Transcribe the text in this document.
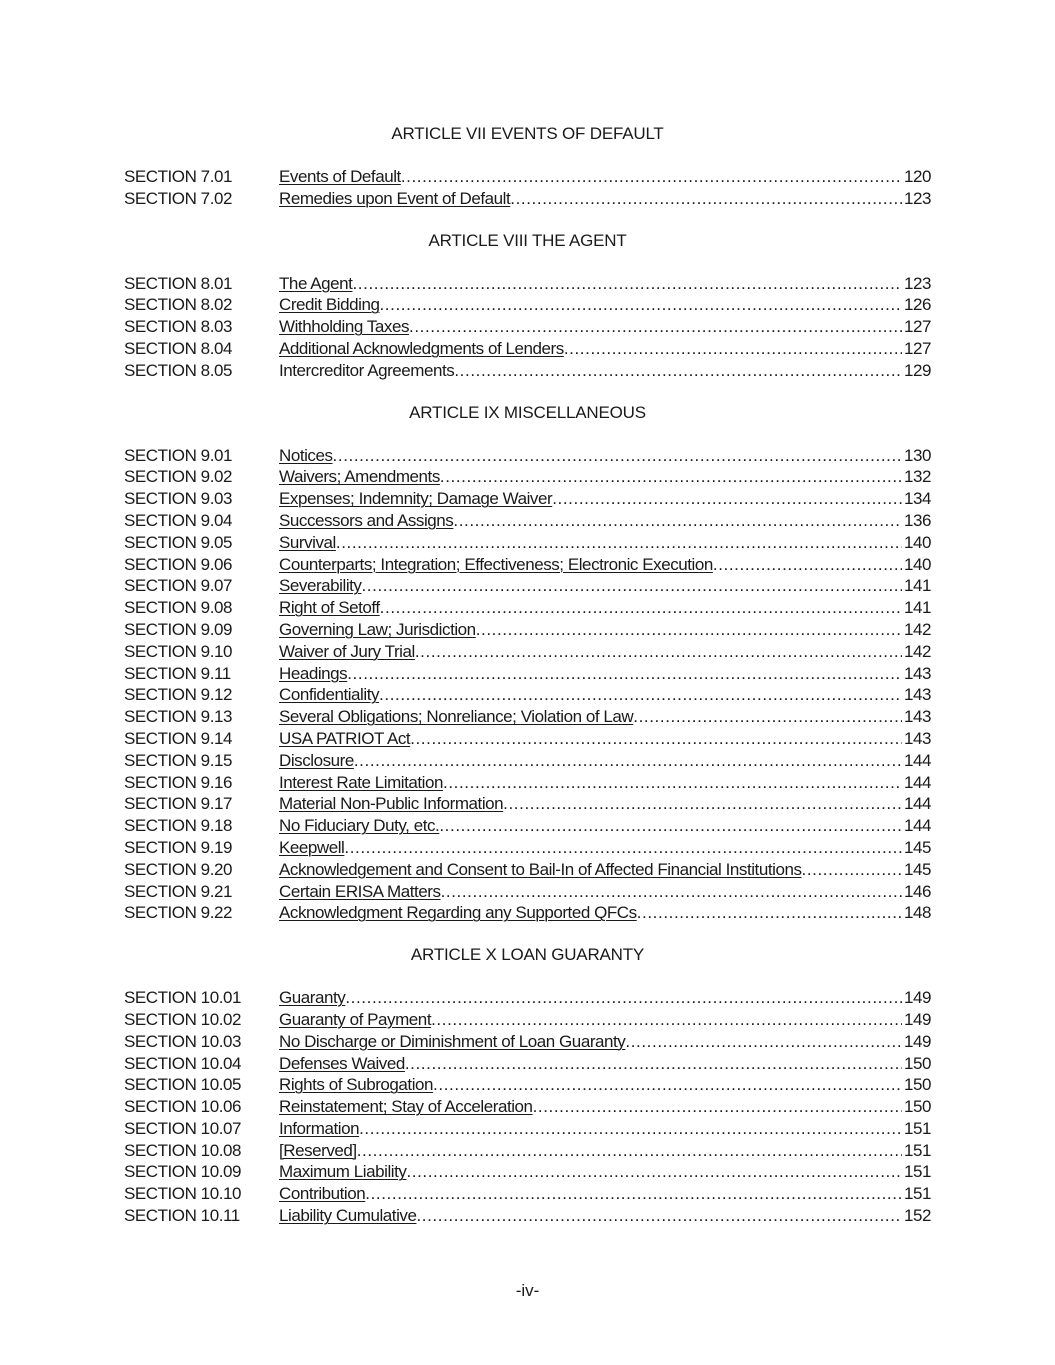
ARTICLE VII EVENTS OF DEFAULT
SECTION 7.01	Events of Default .....	120
SECTION 7.02	Remedies upon Event of Default .....	123
ARTICLE VIII THE AGENT
SECTION 8.01	The Agent .....	123
SECTION 8.02	Credit Bidding .....	126
SECTION 8.03	Withholding Taxes .....	127
SECTION 8.04	Additional Acknowledgments of Lenders .....	127
SECTION 8.05	Intercreditor Agreements .....	129
ARTICLE IX MISCELLANEOUS
SECTION 9.01	Notices .....	130
SECTION 9.02	Waivers; Amendments .....	132
SECTION 9.03	Expenses; Indemnity; Damage Waiver .....	134
SECTION 9.04	Successors and Assigns .....	136
SECTION 9.05	Survival .....	140
SECTION 9.06	Counterparts; Integration; Effectiveness; Electronic Execution .....	140
SECTION 9.07	Severability .....	141
SECTION 9.08	Right of Setoff .....	141
SECTION 9.09	Governing Law; Jurisdiction .....	142
SECTION 9.10	Waiver of Jury Trial .....	142
SECTION 9.11	Headings .....	143
SECTION 9.12	Confidentiality .....	143
SECTION 9.13	Several Obligations; Nonreliance; Violation of Law .....	143
SECTION 9.14	USA PATRIOT Act .....	143
SECTION 9.15	Disclosure .....	144
SECTION 9.16	Interest Rate Limitation .....	144
SECTION 9.17	Material Non-Public Information .....	144
SECTION 9.18	No Fiduciary Duty, etc. .....	144
SECTION 9.19	Keepwell .....	145
SECTION 9.20	Acknowledgement and Consent to Bail-In of Affected Financial Institutions .....	145
SECTION 9.21	Certain ERISA Matters .....	146
SECTION 9.22	Acknowledgment Regarding any Supported QFCs .....	148
ARTICLE X LOAN GUARANTY
SECTION 10.01	Guaranty .....	149
SECTION 10.02	Guaranty of Payment .....	149
SECTION 10.03	No Discharge or Diminishment of Loan Guaranty .....	149
SECTION 10.04	Defenses Waived .....	150
SECTION 10.05	Rights of Subrogation .....	150
SECTION 10.06	Reinstatement; Stay of Acceleration .....	150
SECTION 10.07	Information .....	151
SECTION 10.08	[Reserved] .....	151
SECTION 10.09	Maximum Liability .....	151
SECTION 10.10	Contribution .....	151
SECTION 10.11	Liability Cumulative .....	152
-iv-
